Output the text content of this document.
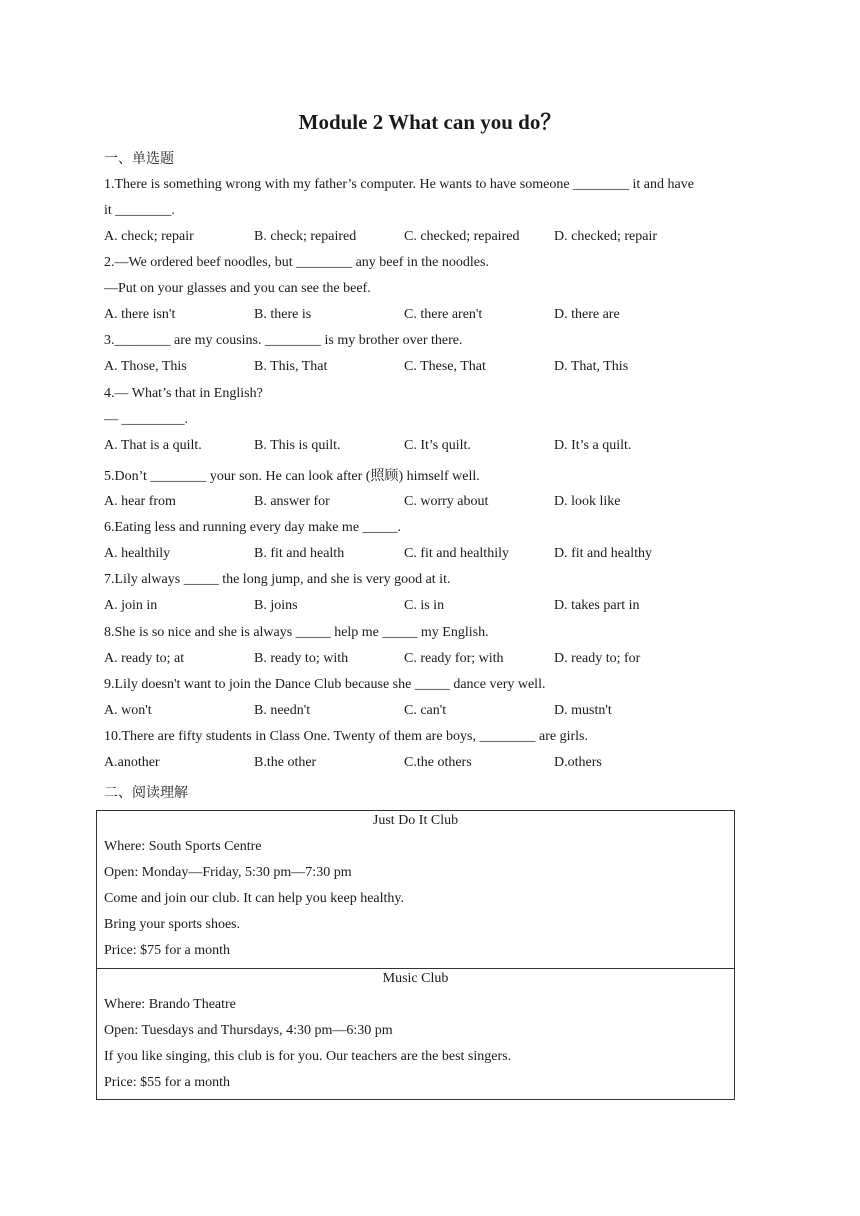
Module 2 What can you do？
一、单选题
1.There is something wrong with my father’s computer. He wants to have someone ________ it and have
it ________.
A. check; repair	B. check; repaired	C. checked; repaired D. checked; repair
2.—We ordered beef noodles, but ________ any beef in the noodles.
—Put on your glasses and you can see the beef.
A. there isn't	B. there is	C. there aren't	D. there are
3.________ are my cousins. ________ is my brother over there.
A. Those, This	B. This, That	C. These, That	D. That, This
4.— What’s that in English?
— _________.
A. That is a quilt.	B. This is quilt.	C. It’s quilt.	D. It’s a quilt.
5.Don’t ________ your son. He can look after (照顾) himself well.
A. hear from	B. answer for	C. worry about	D. look like
6.Eating less and running every day make me _____.
A. healthily	B. fit and health	C. fit and healthily	D. fit and healthy
7.Lily always _____ the long jump, and she is very good at it.
A. join in	B. joins	C. is in	D. takes part in
8.She is so nice and she is always _____ help me _____ my English.
A. ready to; at	B. ready to; with	C. ready for; with	D. ready to; for
9.Lily doesn't want to join the Dance Club because she _____ dance very well.
A. won't	B. needn't	C. can't	D. mustn't
10.There are fifty students in Class One. Twenty of them are boys, ________ are girls.
A.another	B.the other	C.the others	D.others
二、阅读理解
Just Do It Club
Where: South Sports Centre
Open: Monday—Friday, 5:30 pm—7:30 pm
Come and join our club. It can help you keep healthy.
Bring your sports shoes.
Price: $75 for a month
Music Club
Where: Brando Theatre
Open: Tuesdays and Thursdays, 4:30 pm—6:30 pm
If you like singing, this club is for you. Our teachers are the best singers.
Price: $55 for a month
